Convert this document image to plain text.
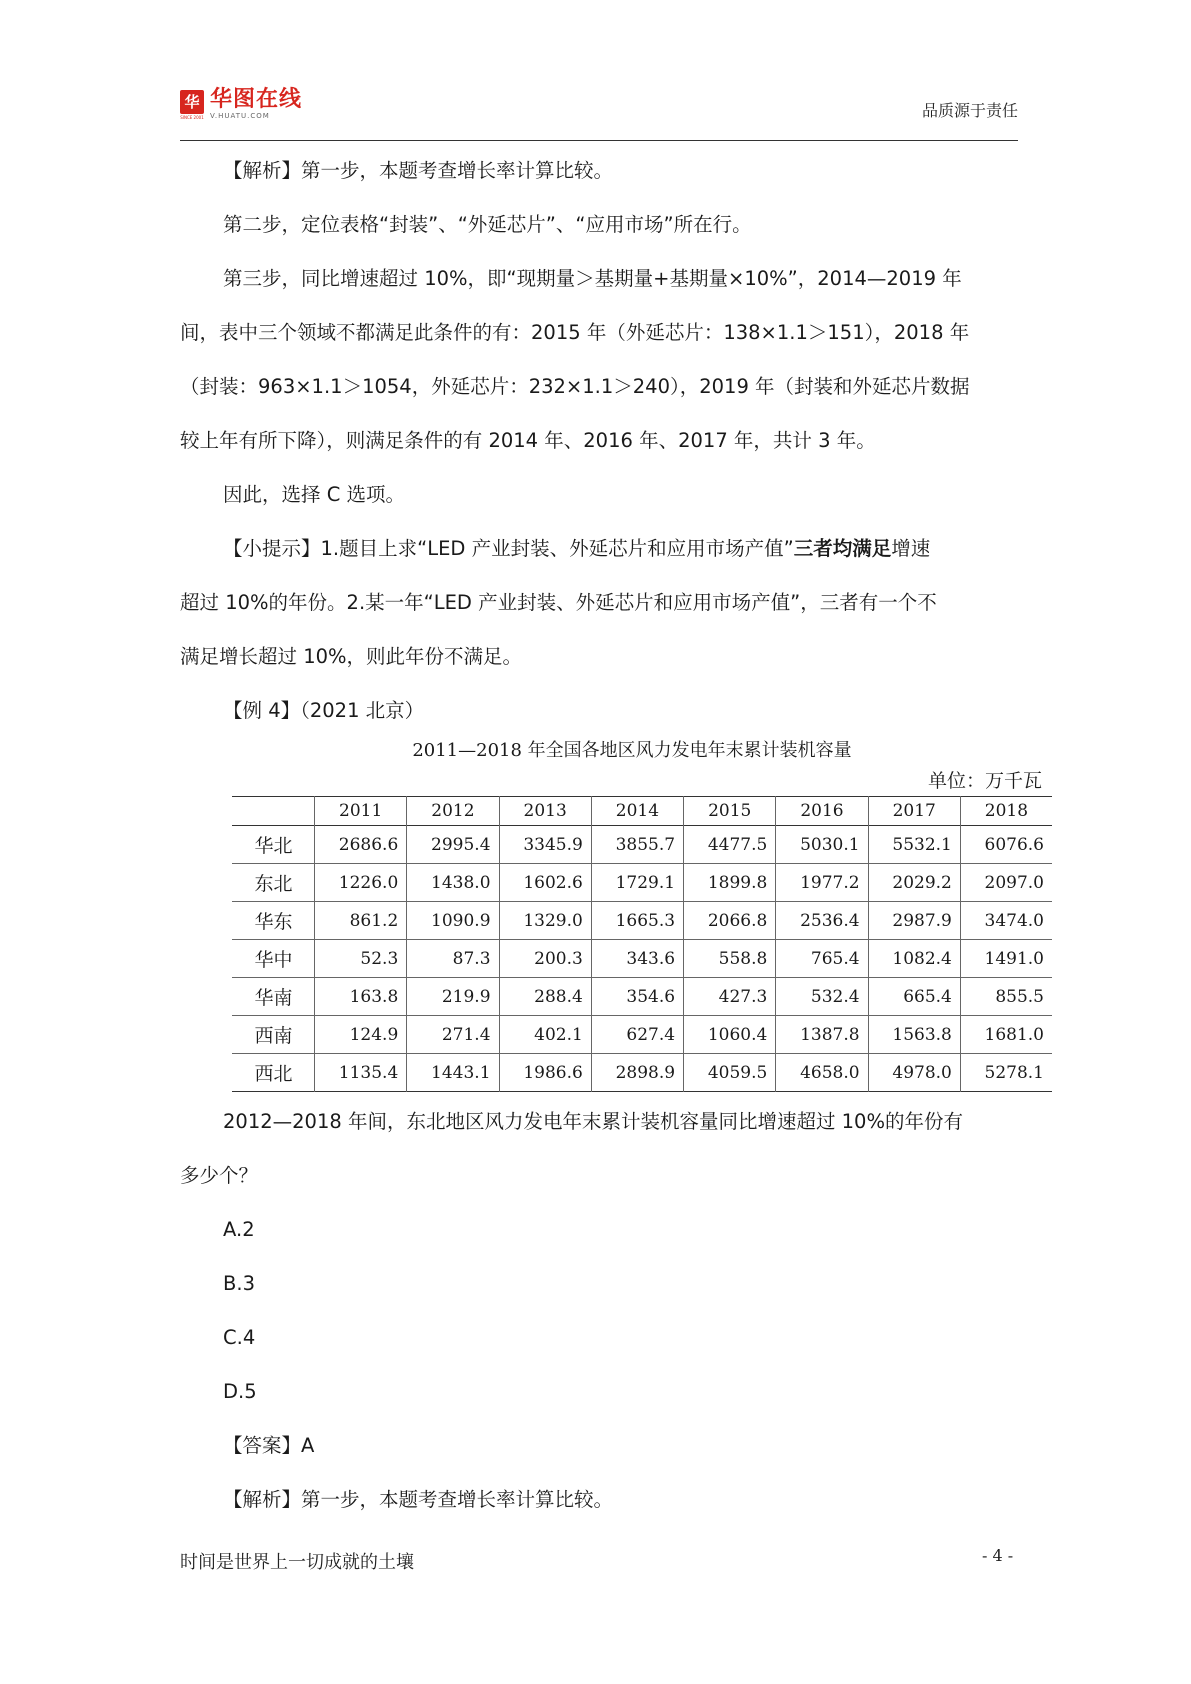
华
SINCE 2001
华图在线
V.HUATU.COM	品质源于责任

【解析】第一步，本题考查增长率计算比较。

第二步，定位表格“封装”、“外延芯片”、“应用市场”所在行。

第三步，同比增速超过 10%，即“现期量＞基期量+基期量×10%”，2014—2019 年

间，表中三个领域不都满足此条件的有：2015 年（外延芯片：138×1.1＞151），2018 年

（封装：963×1.1＞1054，外延芯片：232×1.1＞240），2019 年（封装和外延芯片数据

较上年有所下降），则满足条件的有 2014 年、2016 年、2017 年，共计 3 年。

因此，选择 C 选项。

【小提示】1.题目上求“LED 产业封装、外延芯片和应用市场产值”三者均满足增速

超过 10%的年份。2.某一年“LED 产业封装、外延芯片和应用市场产值”，三者有一个不

满足增长超过 10%，则此年份不满足。

【例 4】（2021 北京）

2011—2018 年全国各地区风力发电年末累计装机容量
单位：万千瓦
	2011	2012	2013	2014	2015	2016	2017	2018
华北	2686.6	2995.4	3345.9	3855.7	4477.5	5030.1	5532.1	6076.6
东北	1226.0	1438.0	1602.6	1729.1	1899.8	1977.2	2029.2	2097.0
华东	861.2	1090.9	1329.0	1665.3	2066.8	2536.4	2987.9	3474.0
华中	52.3	87.3	200.3	343.6	558.8	765.4	1082.4	1491.0
华南	163.8	219.9	288.4	354.6	427.3	532.4	665.4	855.5
西南	124.9	271.4	402.1	627.4	1060.4	1387.8	1563.8	1681.0
西北	1135.4	1443.1	1986.6	2898.9	4059.5	4658.0	4978.0	5278.1

2012—2018 年间，东北地区风力发电年末累计装机容量同比增速超过 10%的年份有

多少个？

A.2

B.3

C.4

D.5

【答案】A

【解析】第一步，本题考查增长率计算比较。

时间是世界上一切成就的土壤	- 4 -
